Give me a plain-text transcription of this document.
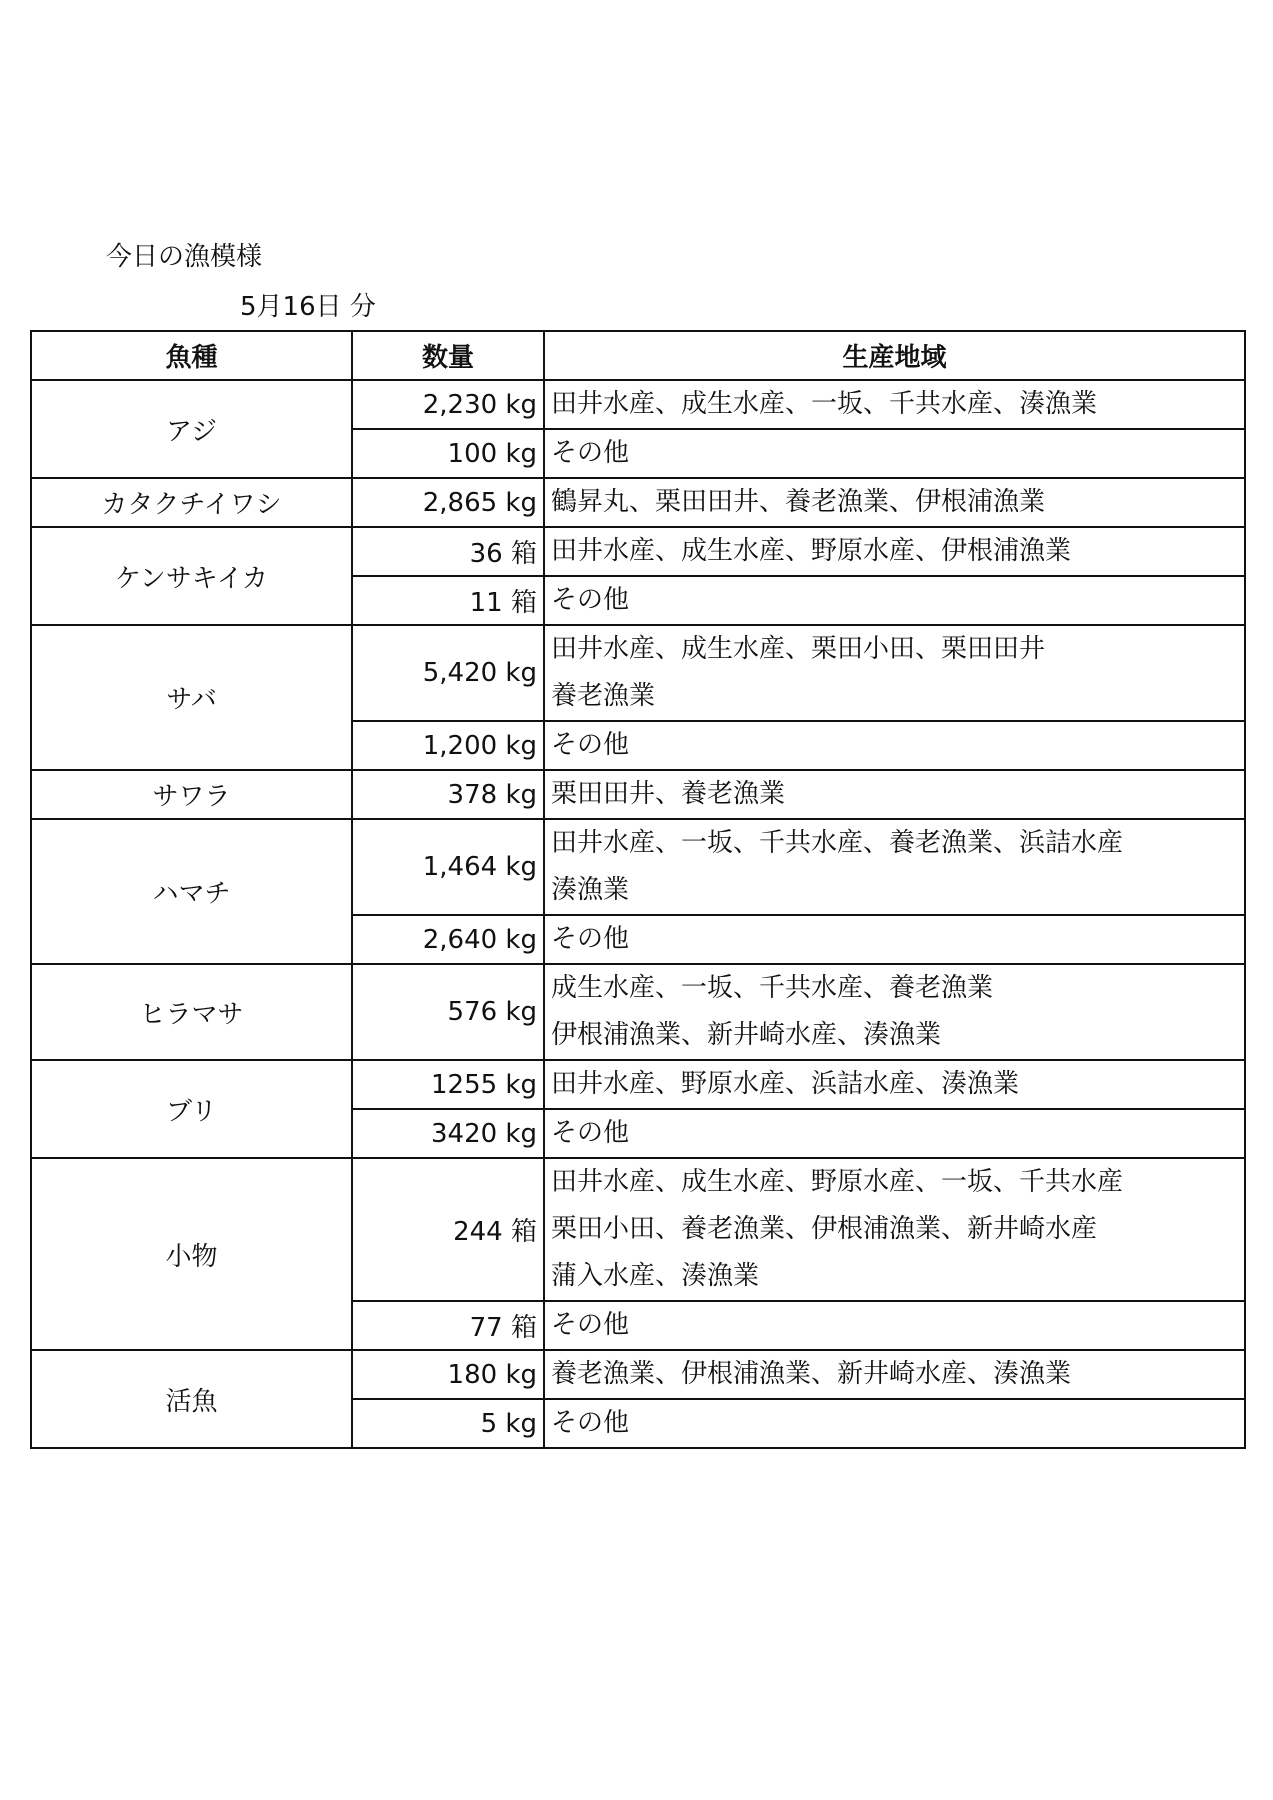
今日の漁模様
5月16日 分
魚種	数量	生産地域
アジ	2,230 kg	田井水産、成生水産、一坂、千共水産、湊漁業

	100 kg	その他

カタクチイワシ	2,865 kg	鶴昇丸、栗田田井、養老漁業、伊根浦漁業

ケンサキイカ	36 箱	田井水産、成生水産、野原水産、伊根浦漁業

	11 箱	その他

サバ	5,420 kg	田井水産、成生水産、栗田小田、栗田田井
養老漁業

	1,200 kg	その他

サワラ	378 kg	栗田田井、養老漁業

ハマチ	1,464 kg	田井水産、一坂、千共水産、養老漁業、浜詰水産
湊漁業

	2,640 kg	その他

ヒラマサ	576 kg	成生水産、一坂、千共水産、養老漁業
伊根浦漁業、新井崎水産、湊漁業

ブリ	1255 kg	田井水産、野原水産、浜詰水産、湊漁業

	3420 kg	その他

小物	244 箱	田井水産、成生水産、野原水産、一坂、千共水産
栗田小田、養老漁業、伊根浦漁業、新井崎水産
蒲入水産、湊漁業

	77 箱	その他

活魚	180 kg	養老漁業、伊根浦漁業、新井崎水産、湊漁業

	5 kg	その他
